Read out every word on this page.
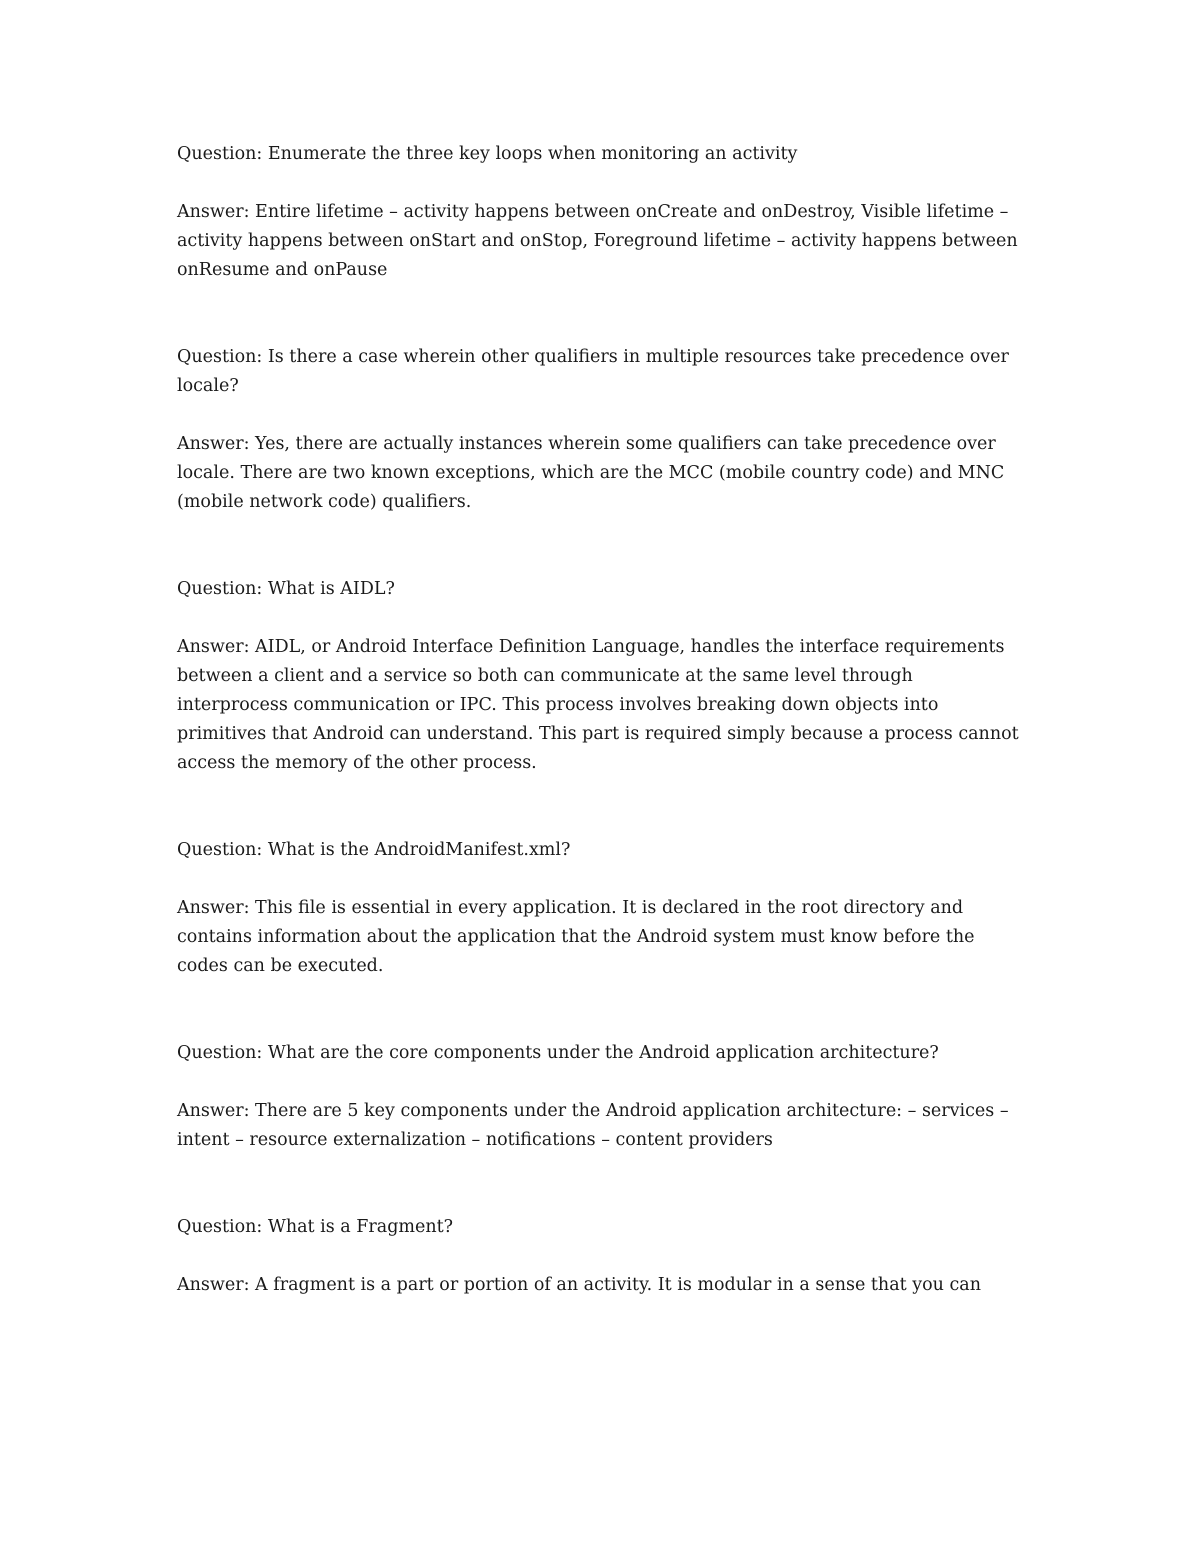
Question: Enumerate the three key loops when monitoring an activity

Answer: Entire lifetime – activity happens between onCreate and onDestroy, Visible lifetime – activity happens between onStart and onStop, Foreground lifetime – activity happens between onResume and onPause

Question: Is there a case wherein other qualifiers in multiple resources take precedence over locale?

Answer: Yes, there are actually instances wherein some qualifiers can take precedence over locale. There are two known exceptions, which are the MCC (mobile country code) and MNC (mobile network code) qualifiers.

Question: What is AIDL?

Answer: AIDL, or Android Interface Definition Language, handles the interface requirements between a client and a service so both can communicate at the same level through interprocess communication or IPC. This process involves breaking down objects into primitives that Android can understand. This part is required simply because a process cannot access the memory of the other process.

Question: What is the AndroidManifest.xml?

Answer: This file is essential in every application. It is declared in the root directory and contains information about the application that the Android system must know before the codes can be executed.

Question: What are the core components under the Android application architecture?

Answer: There are 5 key components under the Android application architecture: – services – intent – resource externalization – notifications – content providers

Question: What is a Fragment?

Answer: A fragment is a part or portion of an activity. It is modular in a sense that you can
